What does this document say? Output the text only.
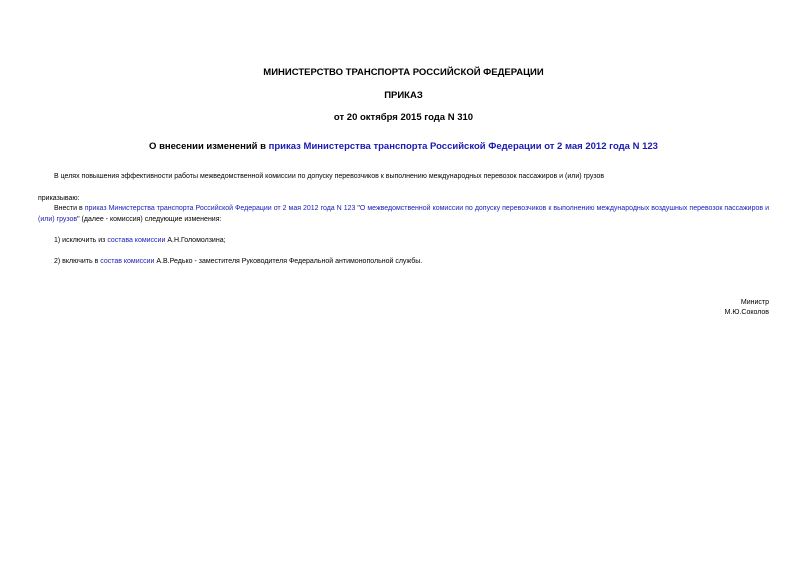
МИНИСТЕРСТВО ТРАНСПОРТА РОССИЙСКОЙ ФЕДЕРАЦИИ
ПРИКАЗ
от 20 октября 2015 года N 310
О внесении изменений в приказ Министерства транспорта Российской Федерации от 2 мая 2012 года N 123
В целях повышения эффективности работы межведомственной комиссии по допуску перевозчиков к выполнению международных перевозок пассажиров и (или) грузов
приказываю:
Внести в приказ Министерства транспорта Российской Федерации от 2 мая 2012 года N 123 "О межведомственной комиссии по допуску перевозчиков к выполнению международных воздушных перевозок пассажиров и (или) грузов" (далее - комиссия) следующие изменения:
1) исключить из состава комиссии А.Н.Голомолзина;
2) включить в состав комиссии А.В.Редько - заместителя Руководителя Федеральной антимонопольной службы.
Министр
М.Ю.Соколов
